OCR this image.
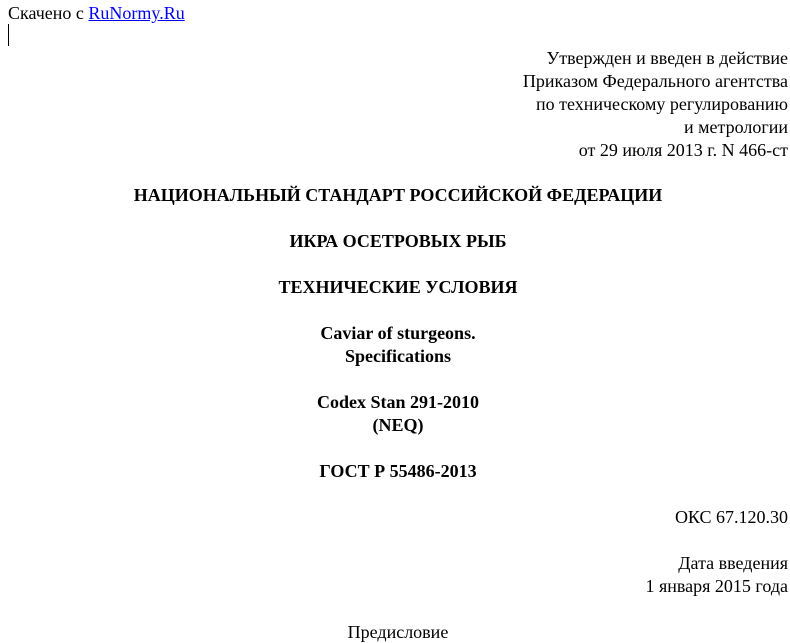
Скачено с RuNormy.Ru
Утвержден и введен в действие
Приказом Федерального агентства
по техническому регулированию
и метрологии
от 29 июля 2013 г. N 466-ст
НАЦИОНАЛЬНЫЙ СТАНДАРТ РОССИЙСКОЙ ФЕДЕРАЦИИ
ИКРА ОСЕТРОВЫХ РЫБ
ТЕХНИЧЕСКИЕ УСЛОВИЯ
Caviar of sturgeons.
Specifications
Codex Stan 291-2010
(NEQ)
ГОСТ Р 55486-2013
ОКС 67.120.30
Дата введения
1 января 2015 года
Предисловие
